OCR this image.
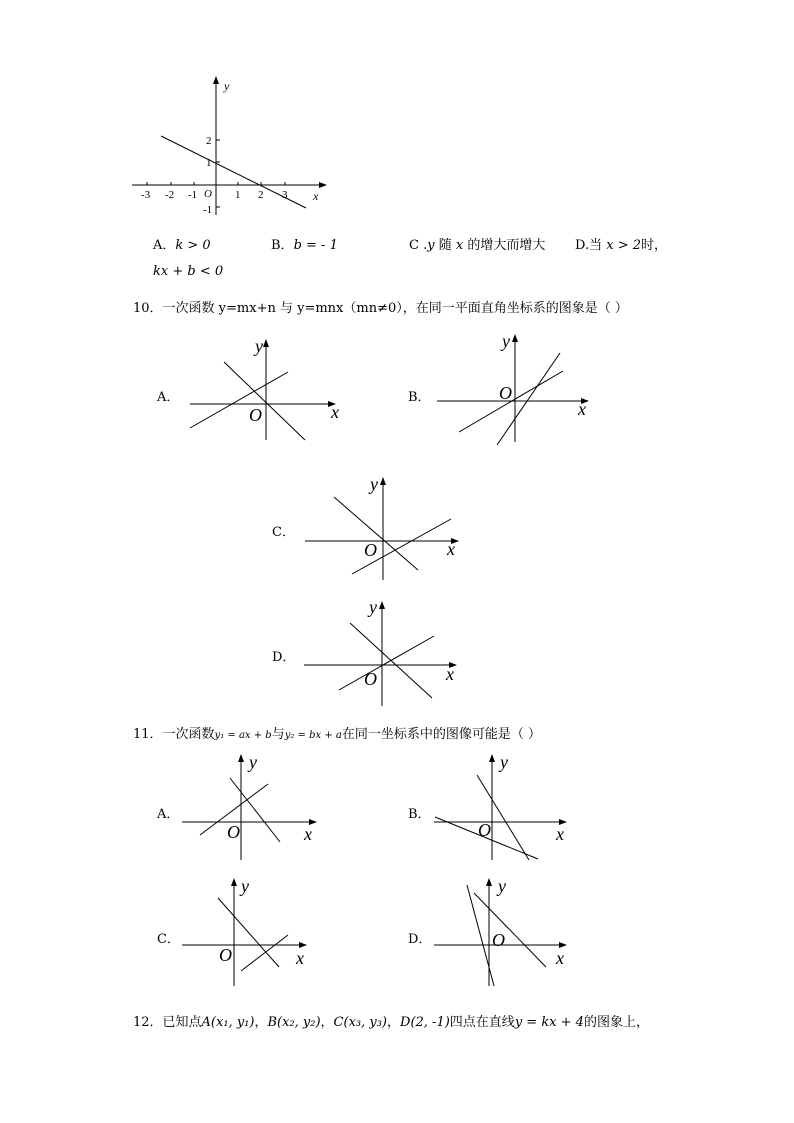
y
x
O
-3 -2 -1	1 2 3
2
1
-1
A．k > 0	B．b = - 1	C .y 随 x 的增大而增大 D.当 x > 2时，
kx + b < 0
10．一次函数 y=mx+n 与 y=mnx（mn≠0），在同一平面直角坐标系的图象是（ ）
A．	B．
C．
D．
y
x
O
y
x
O
y
x
O
y
x
O
11．一次函数y₁ = ax + b与y₂ = bx + a在同一坐标系中的图像可能是（ ）
A．	B．
C．	D．
y
x
O
y
x
O
y
x
O
y
x
O
12．已知点A(x₁, y₁)，B(x₂, y₂)，C(x₃, y₃)，D(2, -1)四点在直线y = kx + 4的图象上，
